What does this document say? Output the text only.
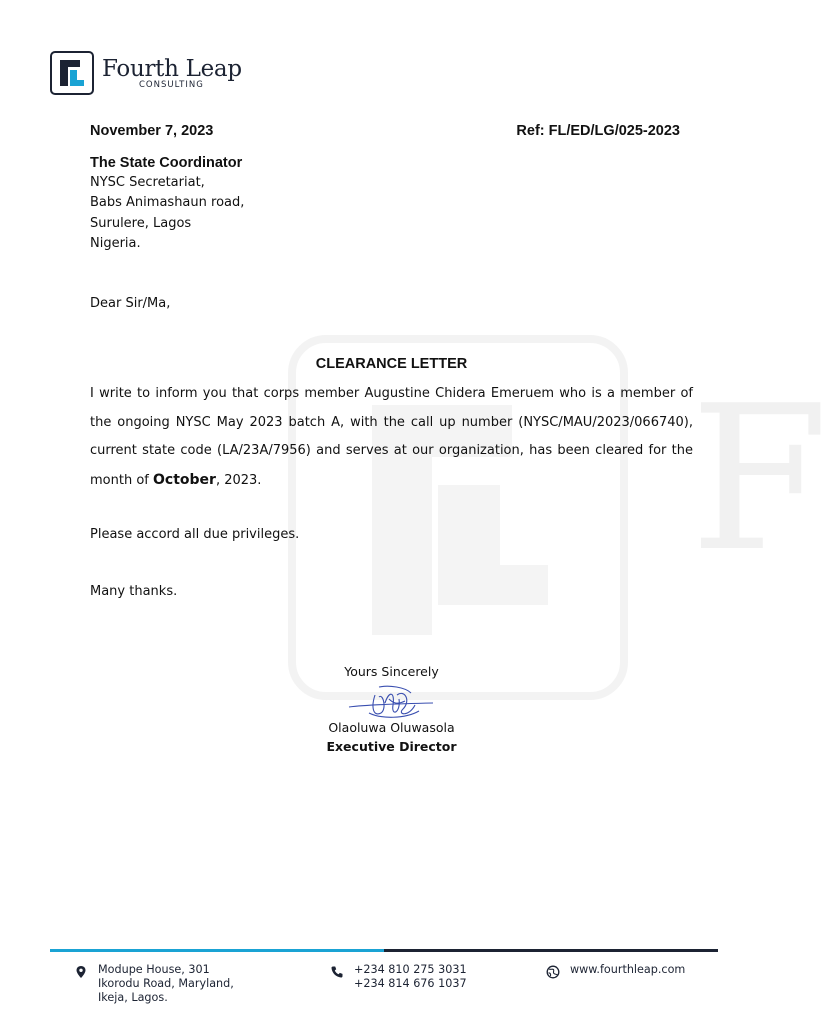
F
Fourth Leap
CONSULTING
November 7, 2023	Ref: FL/ED/LG/025-2023
The State Coordinator
NYSC Secretariat,
Babs Animashaun road,
Surulere, Lagos
Nigeria.
Dear Sir/Ma,
CLEARANCE LETTER
I write to inform you that corps member Augustine Chidera Emeruem who is a member of the ongoing NYSC May 2023 batch A, with the call up number (NYSC/MAU/2023/066740), current state code (LA/23A/7956) and serves at our organization, has been cleared for the month of October, 2023.
Please accord all due privileges.
Many thanks.
Yours Sincerely
Olaoluwa Oluwasola
Executive Director
Modupe House, 301
Ikorodu Road, Maryland,
Ikeja, Lagos.
+234 810 275 3031
+234 814 676 1037
www.fourthleap.com
